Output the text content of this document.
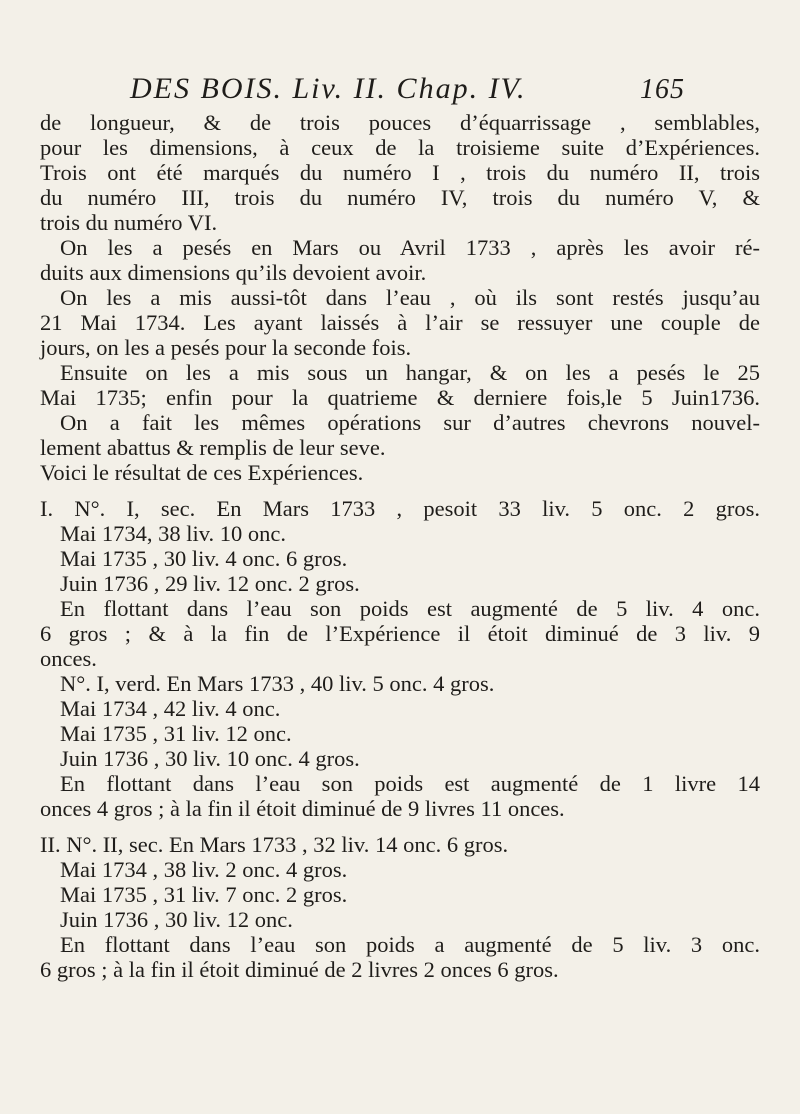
DES BOIS. Liv. II. Chap. IV.	165
de longueur, & de trois pouces d’équarrissage , semblables,
pour les dimensions, à ceux de la troisieme suite d’Expériences.
Trois ont été marqués du numéro I , trois du numéro II, trois
du numéro III, trois du numéro IV, trois du numéro V, &
trois du numéro VI.
On les a pesés en Mars ou Avril 1733 , après les avoir ré-
duits aux dimensions qu’ils devoient avoir.
On les a mis aussi-tôt dans l’eau , où ils sont restés jusqu’au
21 Mai 1734. Les ayant laissés à l’air se ressuyer une couple de
jours, on les a pesés pour la seconde fois.
Ensuite on les a mis sous un hangar, & on les a pesés le 25
Mai 1735; enfin pour la quatrieme & derniere fois,le 5 Juin1736.
On a fait les mêmes opérations sur d’autres chevrons nouvel-
lement abattus & remplis de leur seve.
Voici le résultat de ces Expériences.
I. N°. I, sec. En Mars 1733 , pesoit 33 liv. 5 onc. 2 gros.
Mai 1734, 38 liv. 10 onc.
Mai 1735 , 30 liv. 4 onc. 6 gros.
Juin 1736 , 29 liv. 12 onc. 2 gros.
En flottant dans l’eau son poids est augmenté de 5 liv. 4 onc.
6 gros ; & à la fin de l’Expérience il étoit diminué de 3 liv. 9
onces.
N°. I, verd. En Mars 1733 , 40 liv. 5 onc. 4 gros.
Mai 1734 , 42 liv. 4 onc.
Mai 1735 , 31 liv. 12 onc.
Juin 1736 , 30 liv. 10 onc. 4 gros.
En flottant dans l’eau son poids est augmenté de 1 livre 14
onces 4 gros ; à la fin il étoit diminué de 9 livres 11 onces.
II. N°. II, sec. En Mars 1733 , 32 liv. 14 onc. 6 gros.
Mai 1734 , 38 liv. 2 onc. 4 gros.
Mai 1735 , 31 liv. 7 onc. 2 gros.
Juin 1736 , 30 liv. 12 onc.
En flottant dans l’eau son poids a augmenté de 5 liv. 3 onc.
6 gros ; à la fin il étoit diminué de 2 livres 2 onces 6 gros.
